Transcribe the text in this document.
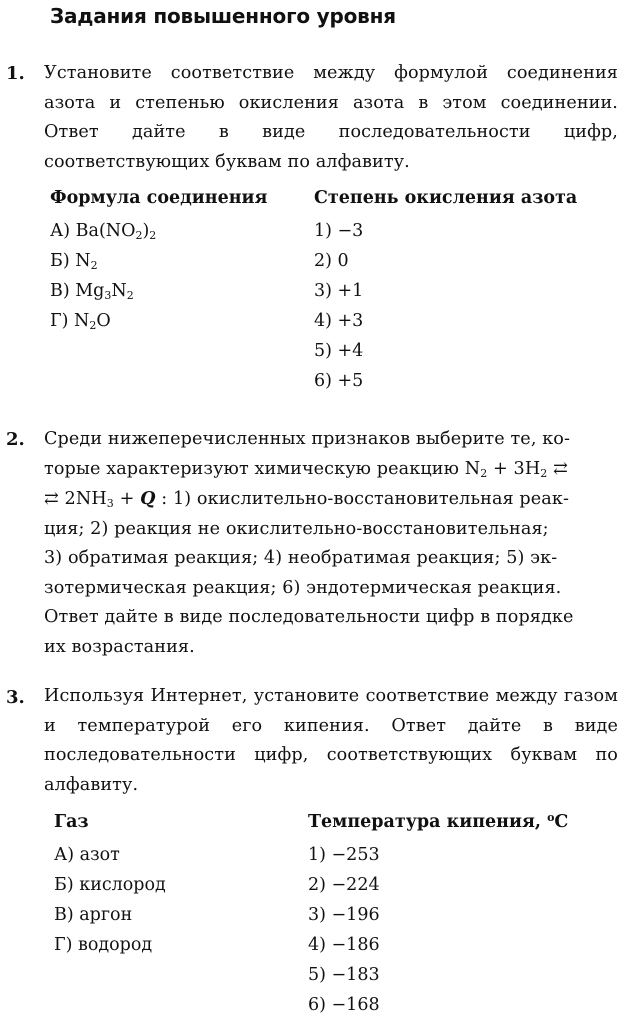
Задания повышенного уровня
1. Установите соответствие между формулой соединения азота и степенью окисления азота в этом соединении. Ответ дайте в виде последовательности цифр, соответствующих буквам по алфавиту.
Формула соединения	Степень окисления азота
А) $Ba(NO_2)_2$
Б) $N_2$
В) $Mg_3N_2$
Г) $N_2O$
1) −3
2) 0
3) +1
4) +3
5) +4
6) +5
2. Среди нижеперечисленных признаков выберите те, ко-
торые характеризуют химическую реакцию $N_2 + 3H_2$ ⇄
⇄ $2NH_3 + Q$ : 1) окислительно-восстановительная реак-
ция; 2) реакция не окислительно-восстановительная;
3) обратимая реакция; 4) необратимая реакция; 5) эк-
зотермическая реакция; 6) эндотермическая реакция.
Ответ дайте в виде последовательности цифр в порядке
их возрастания.
3. Используя Интернет, установите соответствие между газом и температурой его кипения. Ответ дайте в виде последовательности цифр, соответствующих буквам по алфавиту.
Газ	Температура кипения, $^o$C
А) азот
Б) кислород
В) аргон
Г) водород
1) −253
2) −224
3) −196
4) −186
5) −183
6) −168
